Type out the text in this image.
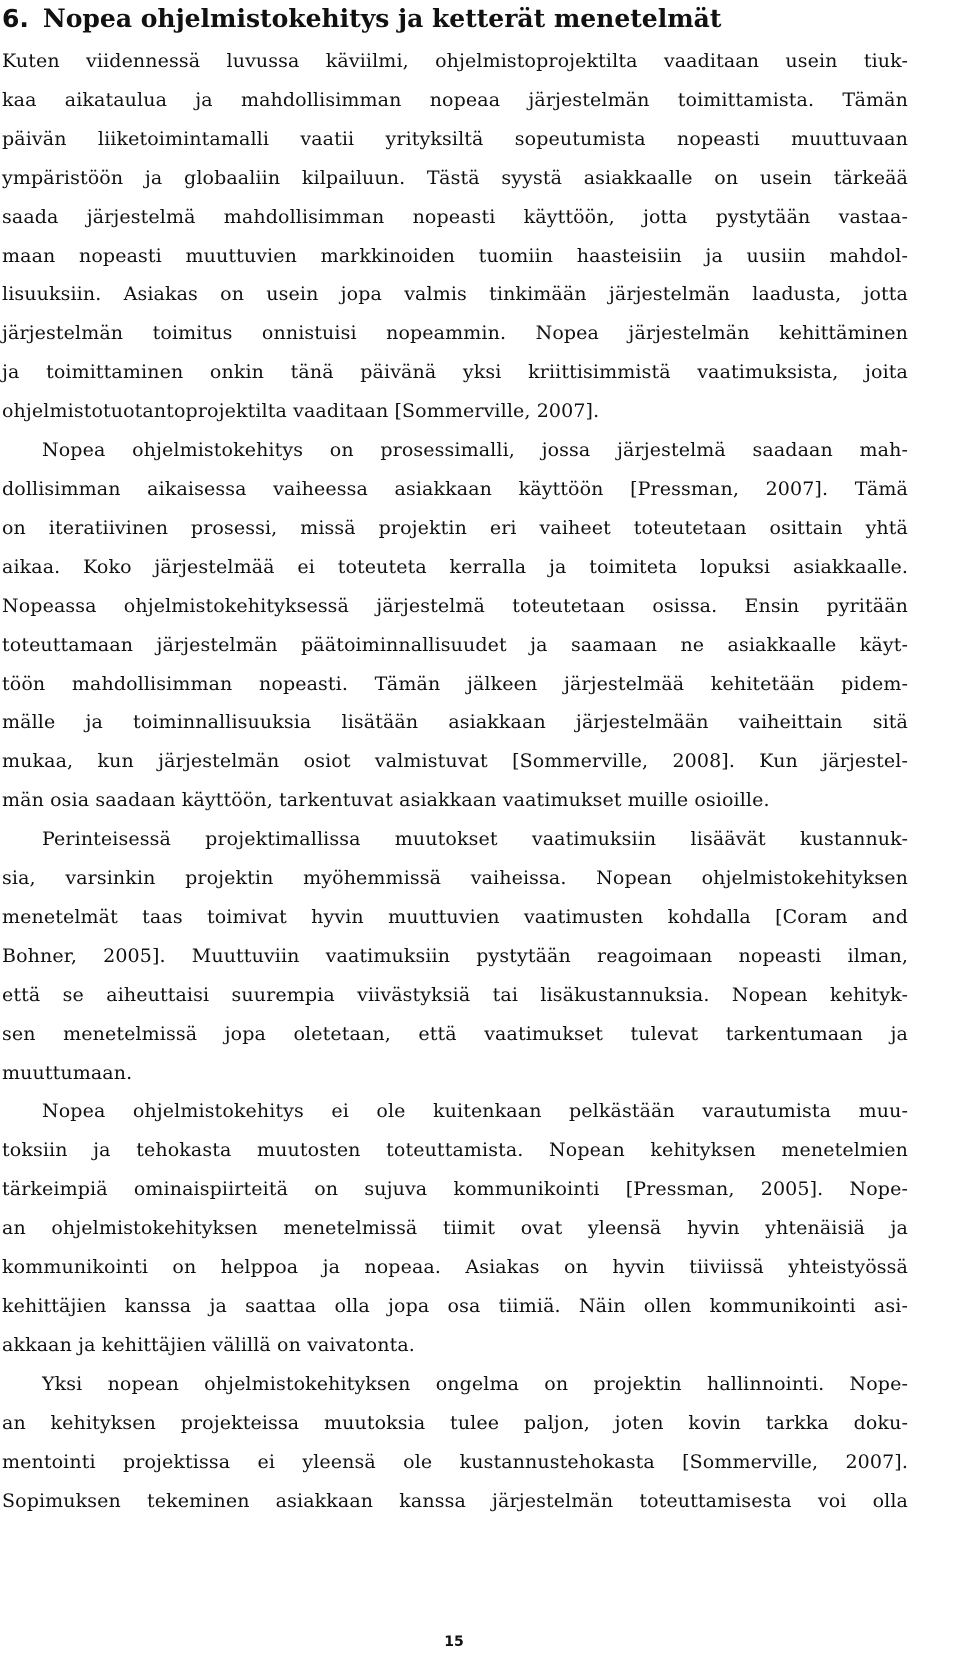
6. Nopea ohjelmistokehitys ja ketterät menetelmät
Kuten viidennessä luvussa käviilmi, ohjelmistoprojektilta vaaditaan usein tiuk-
kaa aikataulua ja mahdollisimman nopeaa järjestelmän toimittamista. Tämän
päivän liiketoimintamalli vaatii yrityksiltä sopeutumista nopeasti muuttuvaan
ympäristöön ja globaaliin kilpailuun. Tästä syystä asiakkaalle on usein tärkeää
saada järjestelmä mahdollisimman nopeasti käyttöön, jotta pystytään vastaa-
maan nopeasti muuttuvien markkinoiden tuomiin haasteisiin ja uusiin mahdol-
lisuuksiin. Asiakas on usein jopa valmis tinkimään järjestelmän laadusta, jotta
järjestelmän toimitus onnistuisi nopeammin. Nopea järjestelmän kehittäminen
ja toimittaminen onkin tänä päivänä yksi kriittisimmistä vaatimuksista, joita
ohjelmistotuotantoprojektilta vaaditaan [Sommerville, 2007].
Nopea ohjelmistokehitys on prosessimalli, jossa järjestelmä saadaan mah-
dollisimman aikaisessa vaiheessa asiakkaan käyttöön [Pressman, 2007]. Tämä
on iteratiivinen prosessi, missä projektin eri vaiheet toteutetaan osittain yhtä
aikaa. Koko järjestelmää ei toteuteta kerralla ja toimiteta lopuksi asiakkaalle.
Nopeassa ohjelmistokehityksessä järjestelmä toteutetaan osissa. Ensin pyritään
toteuttamaan järjestelmän päätoiminnallisuudet ja saamaan ne asiakkaalle käyt-
töön mahdollisimman nopeasti. Tämän jälkeen järjestelmää kehitetään pidem-
mälle ja toiminnallisuuksia lisätään asiakkaan järjestelmään vaiheittain sitä
mukaa, kun järjestelmän osiot valmistuvat [Sommerville, 2008]. Kun järjestel-
män osia saadaan käyttöön, tarkentuvat asiakkaan vaatimukset muille osioille.
Perinteisessä projektimallissa muutokset vaatimuksiin lisäävät kustannuk-
sia, varsinkin projektin myöhemmissä vaiheissa. Nopean ohjelmistokehityksen
menetelmät taas toimivat hyvin muuttuvien vaatimusten kohdalla [Coram and
Bohner, 2005]. Muuttuviin vaatimuksiin pystytään reagoimaan nopeasti ilman,
että se aiheuttaisi suurempia viivästyksiä tai lisäkustannuksia. Nopean kehityk-
sen menetelmissä jopa oletetaan, että vaatimukset tulevat tarkentumaan ja
muuttumaan.
Nopea ohjelmistokehitys ei ole kuitenkaan pelkästään varautumista muu-
toksiin ja tehokasta muutosten toteuttamista. Nopean kehityksen menetelmien
tärkeimpiä ominaispiirteitä on sujuva kommunikointi [Pressman, 2005]. Nope-
an ohjelmistokehityksen menetelmissä tiimit ovat yleensä hyvin yhtenäisiä ja
kommunikointi on helppoa ja nopeaa. Asiakas on hyvin tiiviissä yhteistyössä
kehittäjien kanssa ja saattaa olla jopa osa tiimiä. Näin ollen kommunikointi asi-
akkaan ja kehittäjien välillä on vaivatonta.
Yksi nopean ohjelmistokehityksen ongelma on projektin hallinnointi. Nope-
an kehityksen projekteissa muutoksia tulee paljon, joten kovin tarkka doku-
mentointi projektissa ei yleensä ole kustannustehokasta [Sommerville, 2007].
Sopimuksen tekeminen asiakkaan kanssa järjestelmän toteuttamisesta voi olla
15
